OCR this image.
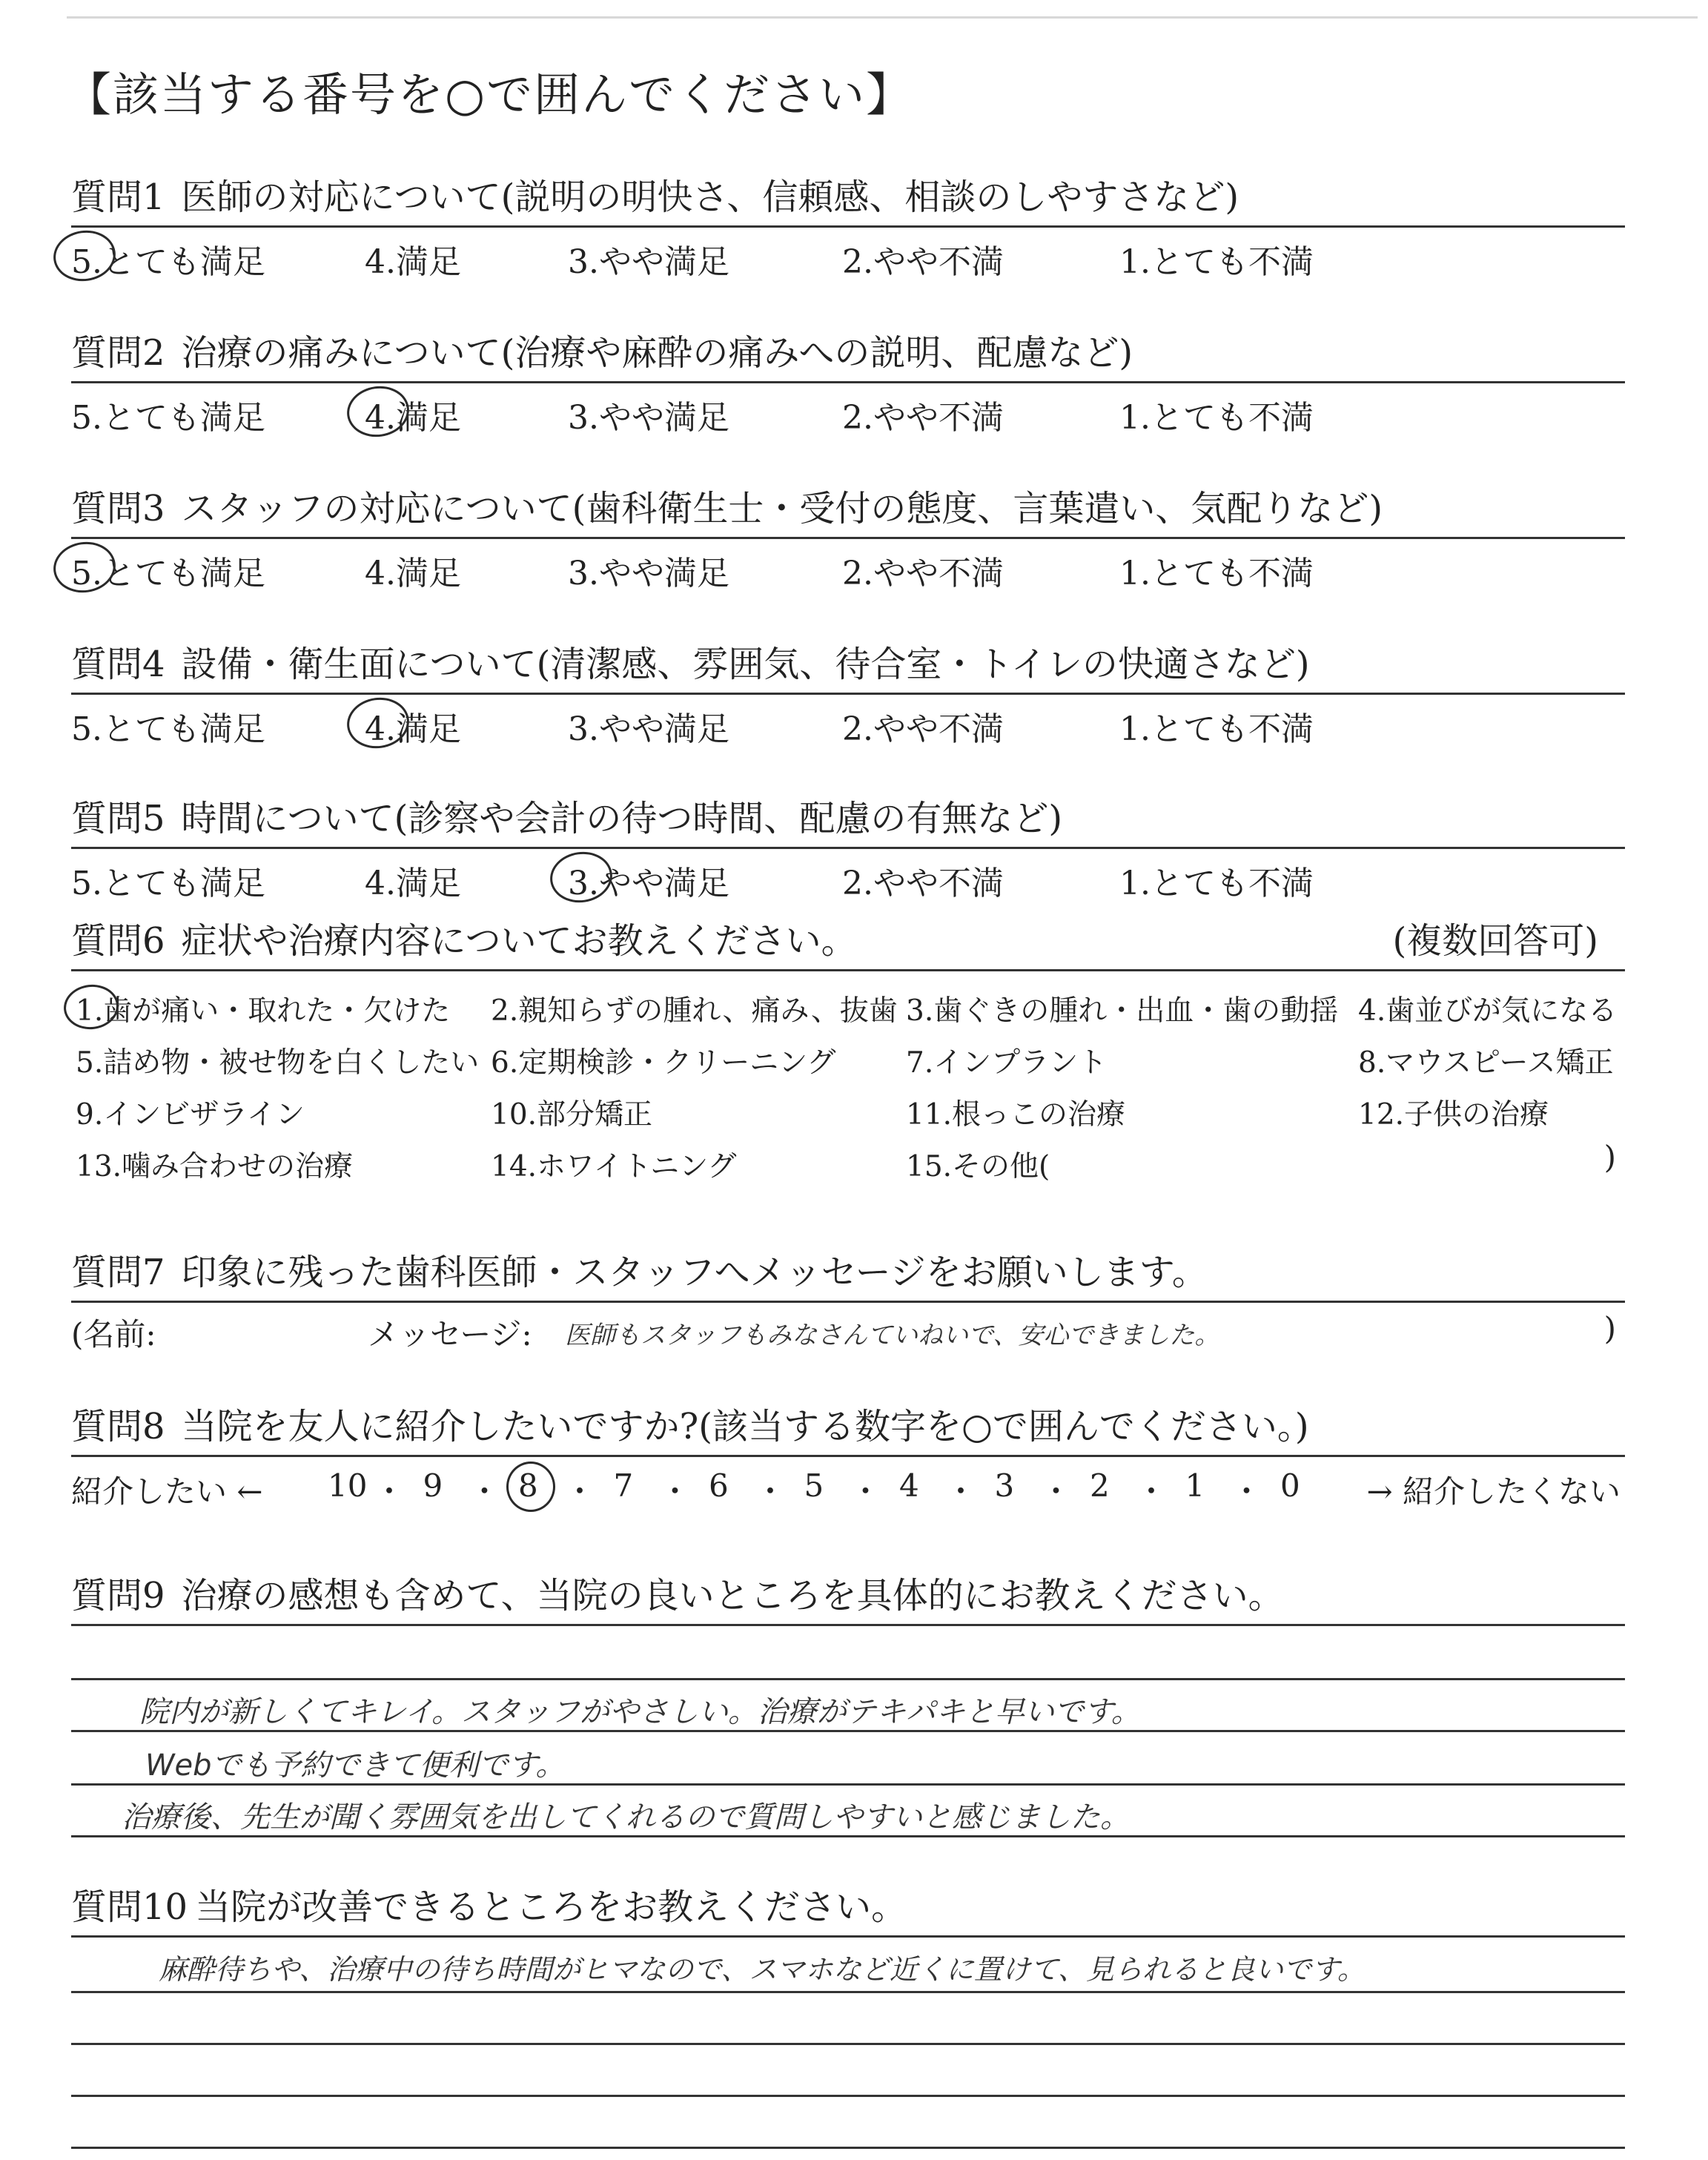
【該当する番号を○で囲んでください】
質問1 医師の対応について(説明の明快さ、信頼感、相談のしやすさなど)
5.とても満足	4.満足	3.やや満足	2.やや不満	1.とても不満
質問2 治療の痛みについて(治療や麻酔の痛みへの説明、配慮など)
5.とても満足	4.満足	3.やや満足	2.やや不満	1.とても不満
質問3 スタッフの対応について(歯科衛生士・受付の態度、言葉遣い、気配りなど)
5.とても満足	4.満足	3.やや満足	2.やや不満	1.とても不満
質問4 設備・衛生面について(清潔感、雰囲気、待合室・トイレの快適さなど)
5.とても満足	4.満足	3.やや満足	2.やや不満	1.とても不満
質問5 時間について(診察や会計の待つ時間、配慮の有無など)
5.とても満足	4.満足	3.やや満足	2.やや不満	1.とても不満
質問6 症状や治療内容についてお教えください。	(複数回答可)
)
1.歯が痛い・取れた・欠けた 2.親知らずの腫れ、痛み、抜歯 3.歯ぐきの腫れ・出血・歯の動揺 4.歯並びが気になる
5.詰め物・被せ物を白くしたい 6.定期検診・クリーニング 7.インプラント	8.マウスピース矯正
9.インビザライン	10.部分矯正	11.根っこの治療	12.子供の治療
13.噛み合わせの治療	14.ホワイトニング	15.その他(
質問7 印象に残った歯科医師・スタッフへメッセージをお願いします。
(名前:	メッセージ: 医師もスタッフもみなさんていねいで、安心できました。	)
質問8 当院を友人に紹介したいですか?(該当する数字を○で囲んでください。)
紹介したい ←	→ 紹介したくない
10 ・ 9 ・ 8 ・ 7 ・ 6 ・ 5 ・ 4 ・ 3 ・ 2 ・ 1 ・ 0
質問9 治療の感想も含めて、当院の良いところを具体的にお教えください。
院内が新しくてキレイ。スタッフがやさしい。治療がテキパキと早いです。
Webでも予約できて便利です。
治療後、先生が聞く雰囲気を出してくれるので質問しやすいと感じました。
質問10 当院が改善できるところをお教えください。
麻酔待ちや、治療中の待ち時間がヒマなので、スマホなど近くに置けて、見られると良いです。
